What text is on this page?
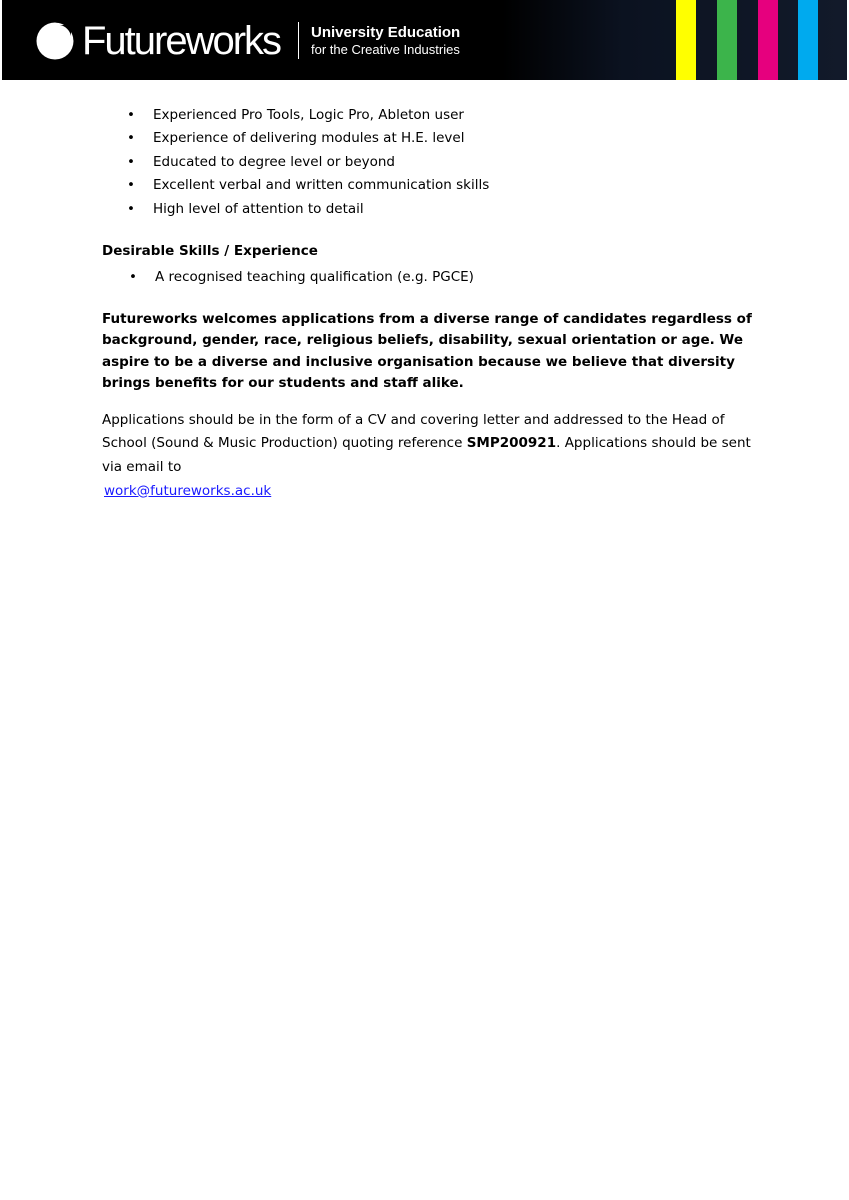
Futureworks University Education
for the Creative Industries
• Experienced Pro Tools, Logic Pro, Ableton user
• Experience of delivering modules at H.E. level
• Educated to degree level or beyond
• Excellent verbal and written communication skills
• High level of attention to detail
Desirable Skills / Experience
• A recognised teaching qualification (e.g. PGCE)

Futureworks welcomes applications from a diverse range of candidates regardless of background, gender, race, religious beliefs, disability, sexual orientation or age. We aspire to be a diverse and inclusive organisation because we believe that diversity brings benefits for our students and staff alike.

Applications should be in the form of a CV and covering letter and addressed to the Head of School (Sound & Music Production) quoting reference SMP200921. Applications should be sent via email to
work@futureworks.ac.uk
